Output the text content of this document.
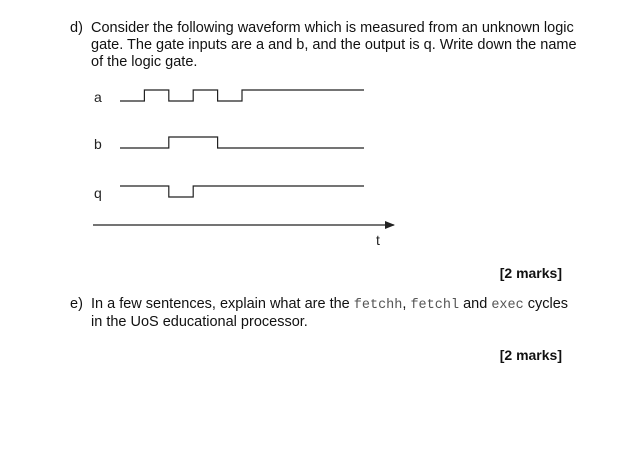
d) Consider the following waveform which is measured from an unknown logic gate. The gate inputs are a and b, and the output is q. Write down the name of the logic gate.
a
b
q
t
[2 marks]
e) In a few sentences, explain what are the fetchh, fetchl and exec cycles in the UoS educational processor.
[2 marks]
